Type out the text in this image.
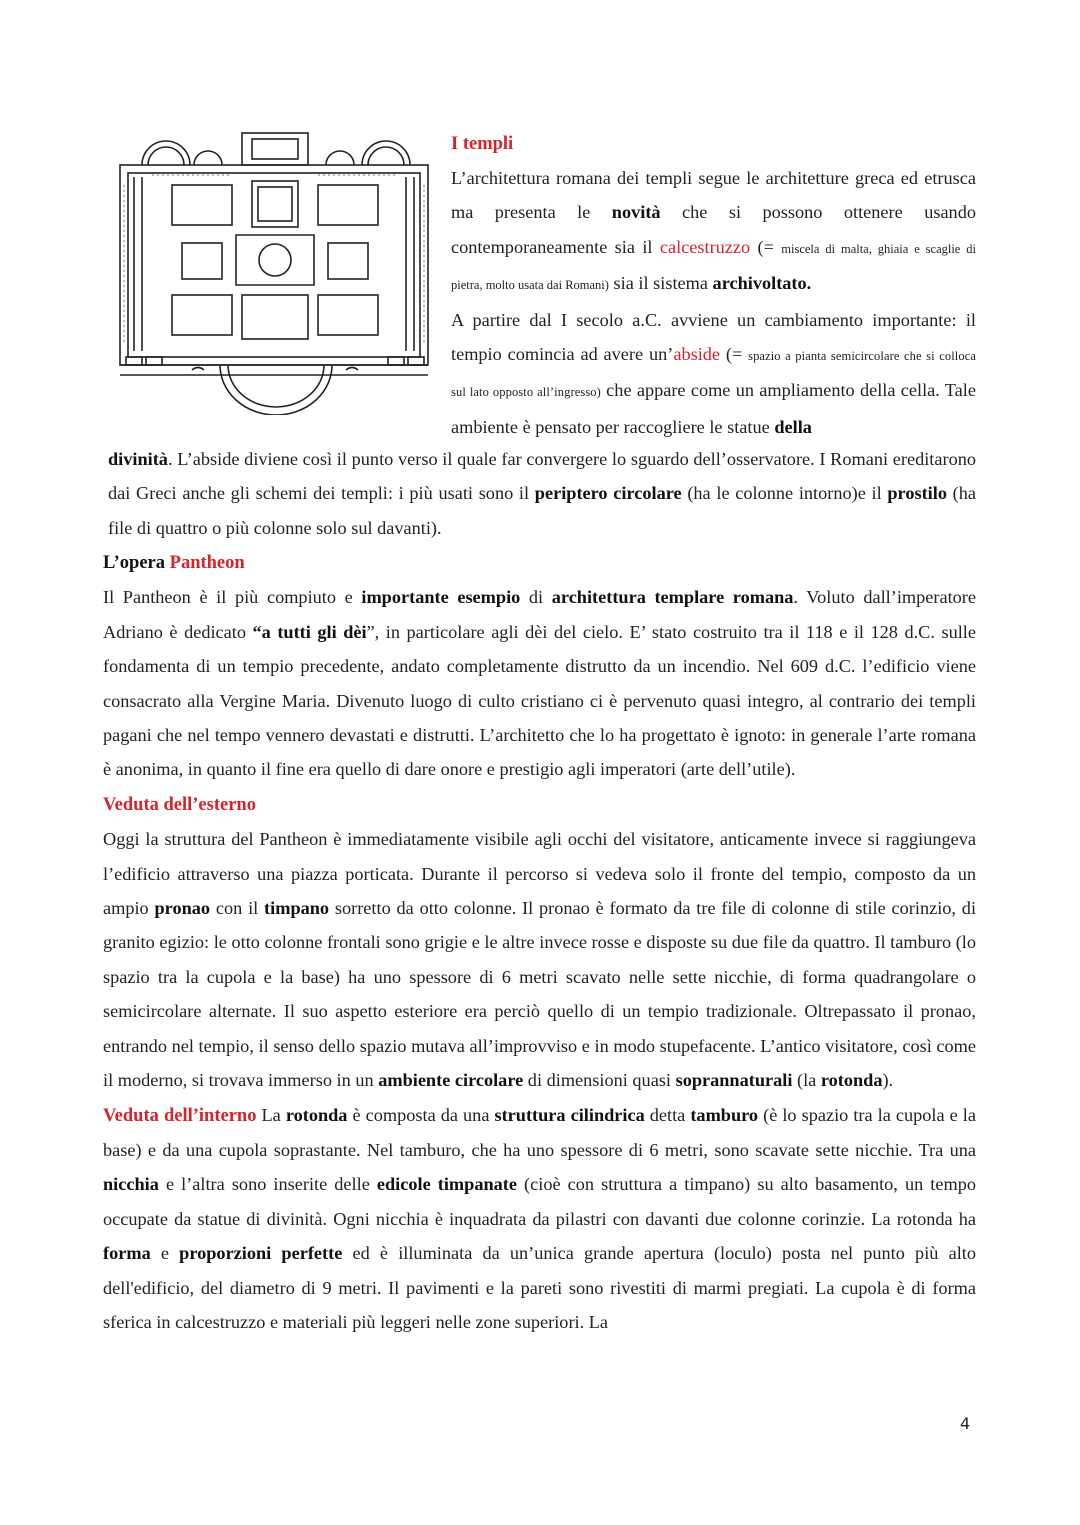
I templi

L’architettura romana dei templi segue le architetture greca ed etrusca ma presenta le novità che si possono ottenere usando contemporaneamente sia il calcestruzzo (= miscela di malta, ghiaia e scaglie di pietra, molto usata dai Romani) sia il sistema archivoltato.

A partire dal I secolo a.C. avviene un cambiamento importante: il tempio comincia ad avere un’abside (= spazio a pianta semicircolare che si colloca sul lato opposto all’ingresso) che appare come un ampliamento della cella. Tale ambiente è pensato per raccogliere le statue della

divinità. L’abside diviene così il punto verso il quale far convergere lo sguardo dell’osservatore. I Romani ereditarono dai Greci anche gli schemi dei templi: i più usati sono il periptero circolare (ha le colonne intorno)e il prostilo (ha file di quattro o più colonne solo sul davanti).

L’opera Pantheon

Il Pantheon è il più compiuto e importante esempio di architettura templare romana. Voluto dall’imperatore Adriano è dedicato “a tutti gli dèi”, in particolare agli dèi del cielo. E’ stato costruito tra il 118 e il 128 d.C. sulle fondamenta di un tempio precedente, andato completamente distrutto da un incendio. Nel 609 d.C. l’edificio viene consacrato alla Vergine Maria. Divenuto luogo di culto cristiano ci è pervenuto quasi integro, al contrario dei templi pagani che nel tempo vennero devastati e distrutti. L’architetto che lo ha progettato è ignoto: in generale l’arte romana è anonima, in quanto il fine era quello di dare onore e prestigio agli imperatori (arte dell’utile).

Veduta dell’esterno

Oggi la struttura del Pantheon è immediatamente visibile agli occhi del visitatore, anticamente invece si raggiungeva l’edificio attraverso una piazza porticata. Durante il percorso si vedeva solo il fronte del tempio, composto da un ampio pronao con il timpano sorretto da otto colonne. Il pronao è formato da tre file di colonne di stile corinzio, di granito egizio: le otto colonne frontali sono grigie e le altre invece rosse e disposte su due file da quattro. Il tamburo (lo spazio tra la cupola e la base) ha uno spessore di 6 metri scavato nelle sette nicchie, di forma quadrangolare o semicircolare alternate. Il suo aspetto esteriore era perciò quello di un tempio tradizionale. Oltrepassato il pronao, entrando nel tempio, il senso dello spazio mutava all’improvviso e in modo stupefacente. L’antico visitatore, così come il moderno, si trovava immerso in un ambiente circolare di dimensioni quasi soprannaturali (la rotonda).

Veduta dell’interno La rotonda è composta da una struttura cilindrica detta tamburo (è lo spazio tra la cupola e la base) e da una cupola soprastante. Nel tamburo, che ha uno spessore di 6 metri, sono scavate sette nicchie. Tra una nicchia e l’altra sono inserite delle edicole timpanate (cioè con struttura a timpano) su alto basamento, un tempo occupate da statue di divinità. Ogni nicchia è inquadrata da pilastri con davanti due colonne corinzie. La rotonda ha forma e proporzioni perfette ed è illuminata da un’unica grande apertura (loculo) posta nel punto più alto dell'edificio, del diametro di 9 metri. Il pavimenti e la pareti sono rivestiti di marmi pregiati. La cupola è di forma sferica in calcestruzzo e materiali più leggeri nelle zone superiori. La

4
